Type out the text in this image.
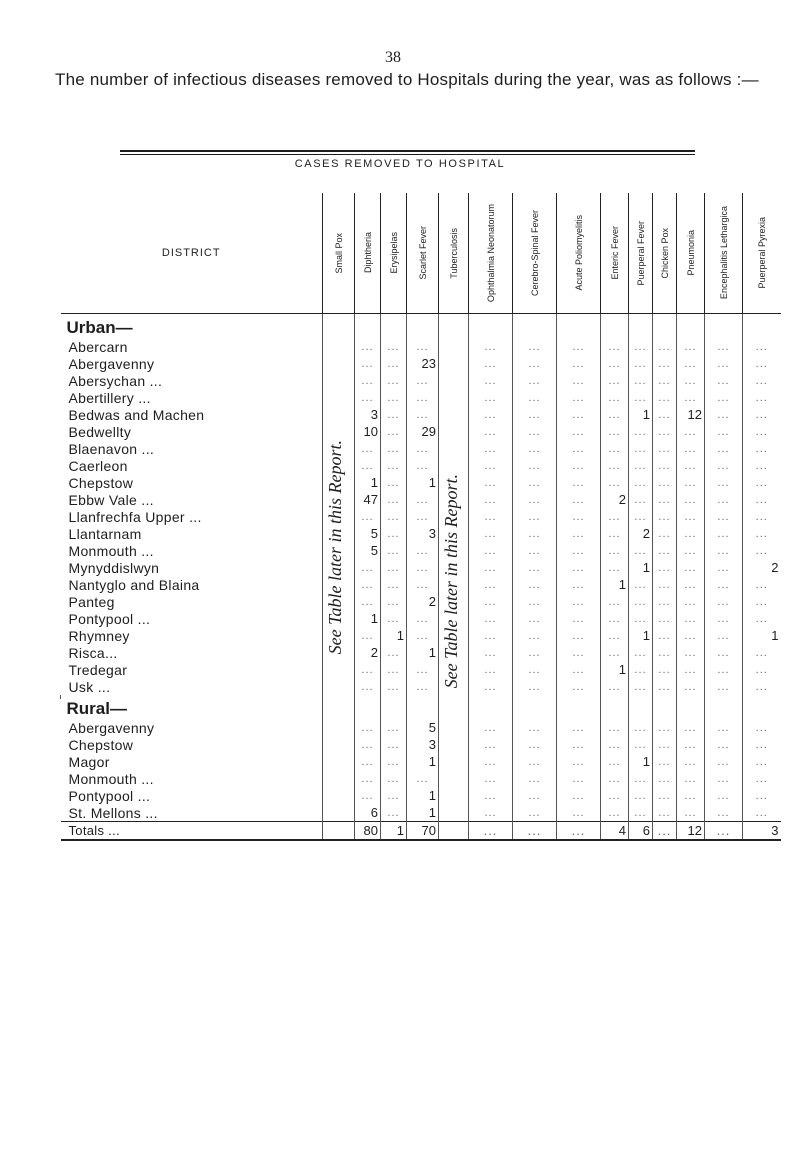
38
The number of infectious diseases removed to Hospitals during the year, was as follows :—
CASES REMOVED TO HOSPITAL
DISTRICT	Small Pox	Diphtheria	Erysipelas	Scarlet Fever	Tuberculosis	Ophthalmia Neonatorum	Cerebro-Spinal Fever	Acute Poliomyelitis	Enteric Fever	Puerperal Fever	Chicken Pox	Pneumonia	Encephalitis Lethargica	Puerperal Pyrexia

Urban—														
Abercarn		...	...	...		...	...	...	...	...	...	...	...	...
Abergavenny		...	...	23		...	...	...	...	...	...	...	...	...
Abersychan ...		...	...	...		...	...	...	...	...	...	...	...	...
Abertillery ...		...	...	...		...	...	...	...	...	...	...	...	...
Bedwas and Machen		3	...	...		...	...	...	...	1	...	12	...	...
Bedwellty		10	...	29		...	...	...	...	...	...	...	...	...
Blaenavon ...	See Table later in this Report.	...	...	...		...	...	...	...	...	...	...	...	...
Caerleon		...	...	...		...	...	...	...	...	...	...	...	...
Chepstow		1	...	1	See Table later in this Report.	...	...	...	...	...	...	...	...	...
Ebbw Vale ...		47	...	...		...	...	...	2	...	...	...	...	...
Llanfrechfa Upper ...		...	...	...		...	...	...	...	...	...	...	...	...
Llantarnam		5	...	3		...	...	...	...	2	...	...	...	...
Monmouth ...		5	...	...		...	...	...	...	...	...	...	...	...
Mynyddislwyn		...	...	...		...	...	...	...	1	...	...	...	2
Nantyglo and Blaina		...	...	...		...	...	...	1	...	...	...	...	...
Panteg		...	...	2		...	...	...	...	...	...	...	...	...
Pontypool ...		1	...	...		...	...	...	...	...	...	...	...	...
Rhymney		...	1	...		...	...	...	...	1	...	...	...	1
Risca...		2	...	1		...	...	...	...	...	...	...	...	...
Tredegar		...	...	...		...	...	...	1	...	...	...	...	...
Usk ...		...	...	...		...	...	...	...	...	...	...	...	...

Rural—														
Abergavenny		...	...	5		...	...	...	...	...	...	...	...	...
Chepstow		...	...	3		...	...	...	...	...	...	...	...	...
Magor		...	...	1		...	...	...	...	1	...	...	...	...
Monmouth ...		...	...	...		...	...	...	...	...	...	...	...	...
Pontypool ...		...	...	1		...	...	...	...	...	...	...	...	...
St. Mellons ...		6	...	1		...	...	...	...	...	...	...	...	...
Totals ...		80	1	70		...	...	...	4	6	...	12	...	3
